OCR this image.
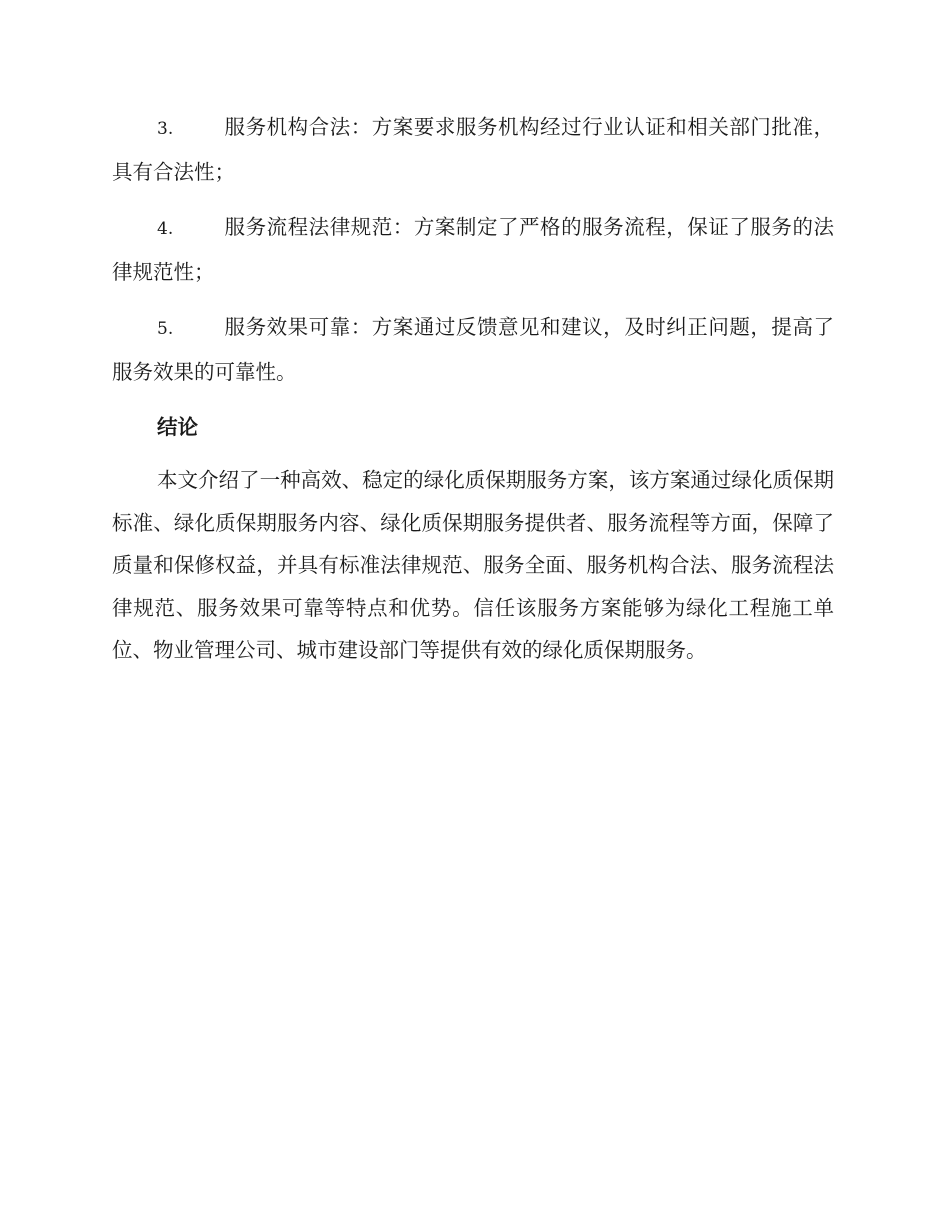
3. 服务机构合法：方案要求服务机构经过行业认证和相关部门批准，具有合法性；

4. 服务流程法律规范：方案制定了严格的服务流程，保证了服务的法律规范性；

5. 服务效果可靠：方案通过反馈意见和建议，及时纠正问题，提高了服务效果的可靠性。

结论

本文介绍了一种高效、稳定的绿化质保期服务方案，该方案通过绿化质保期标准、绿化质保期服务内容、绿化质保期服务提供者、服务流程等方面，保障了质量和保修权益，并具有标准法律规范、服务全面、服务机构合法、服务流程法律规范、服务效果可靠等特点和优势。信任该服务方案能够为绿化工程施工单位、物业管理公司、城市建设部门等提供有效的绿化质保期服务。
